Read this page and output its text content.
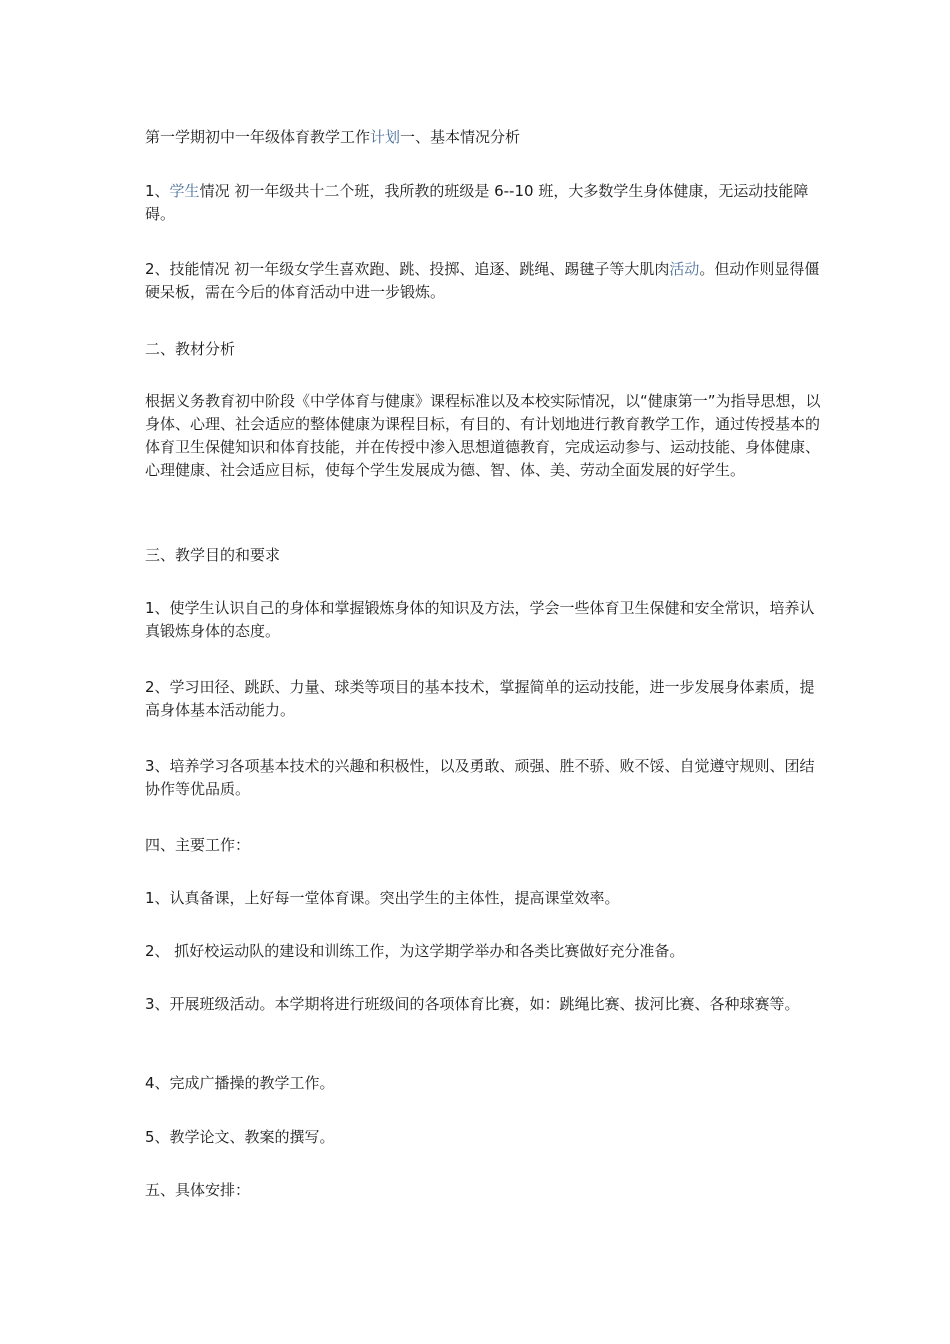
第一学期初中一年级体育教学工作计划一、基本情况分析

1、学生情况 初一年级共十二个班，我所教的班级是 6--10 班，大多数学生身体健康，无运动技能障碍。

2、技能情况 初一年级女学生喜欢跑、跳、投掷、追逐、跳绳、踢毽子等大肌肉活动。但动作则显得僵硬呆板，需在今后的体育活动中进一步锻炼。

二、教材分析

根据义务教育初中阶段《中学体育与健康》课程标准以及本校实际情况，以“健康第一”为指导思想，以身体、心理、社会适应的整体健康为课程目标，有目的、有计划地进行教育教学工作，通过传授基本的体育卫生保健知识和体育技能，并在传授中渗入思想道德教育，完成运动参与、运动技能、身体健康、心理健康、社会适应目标，使每个学生发展成为德、智、体、美、劳动全面发展的好学生。

三、教学目的和要求

1、使学生认识自己的身体和掌握锻炼身体的知识及方法，学会一些体育卫生保健和安全常识，培养认真锻炼身体的态度。

2、学习田径、跳跃、力量、球类等项目的基本技术，掌握简单的运动技能，进一步发展身体素质，提高身体基本活动能力。

3、培养学习各项基本技术的兴趣和积极性，以及勇敢、顽强、胜不骄、败不馁、自觉遵守规则、团结协作等优品质。

四、主要工作：

1、认真备课，上好每一堂体育课。突出学生的主体性，提高课堂效率。

2、 抓好校运动队的建设和训练工作，为这学期学举办和各类比赛做好充分准备。

3、开展班级活动。本学期将进行班级间的各项体育比赛，如：跳绳比赛、拔河比赛、各种球赛等。

4、完成广播操的教学工作。

5、教学论文、教案的撰写。

五、具体安排：
